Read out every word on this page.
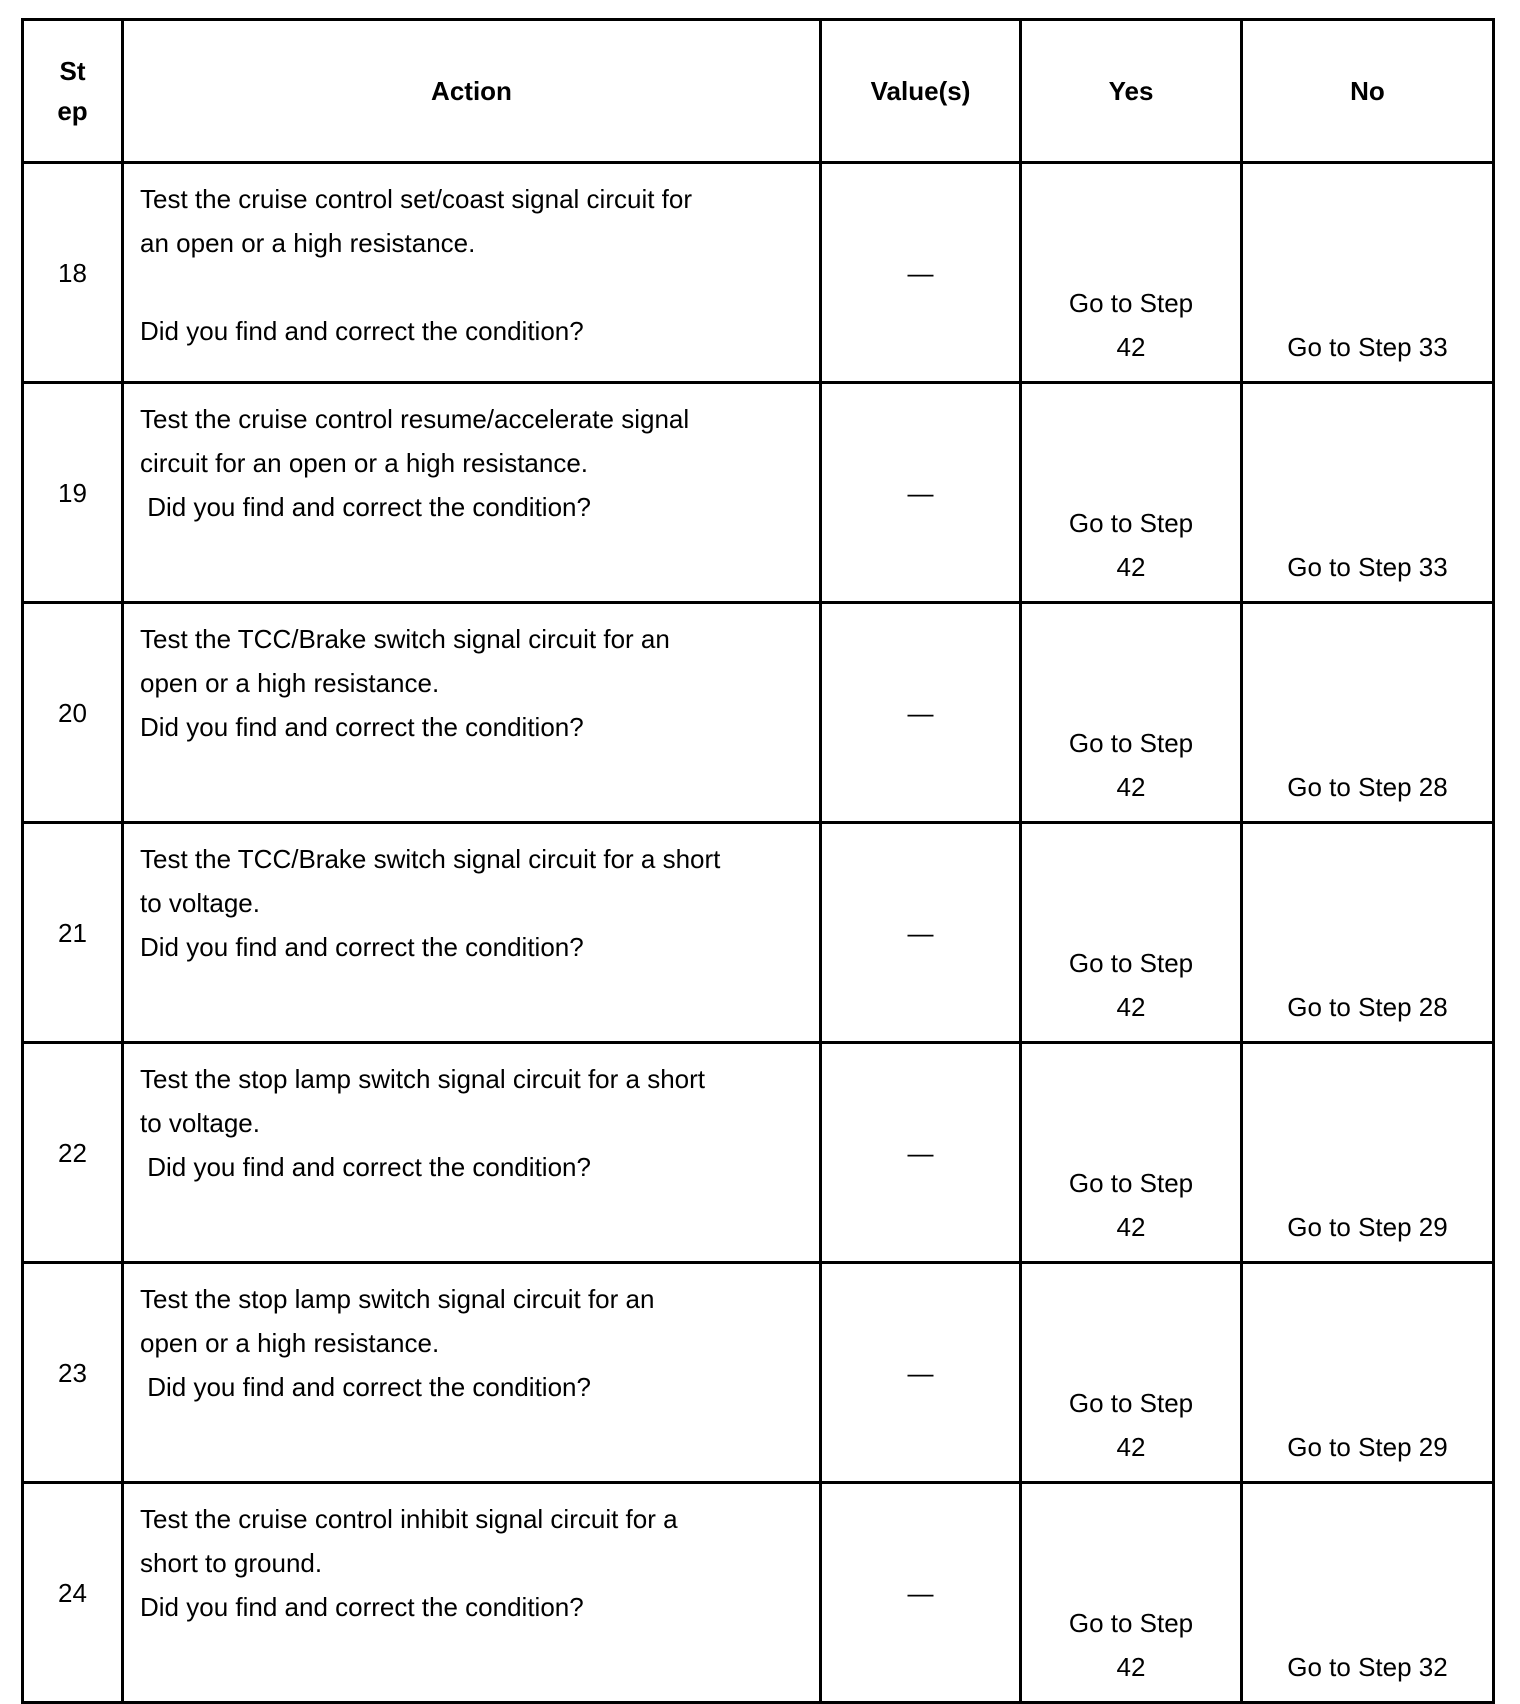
St
ep	Action	Value(s)	Yes	No
18	Test the cruise control set/coast signal circuit for
an open or a high resistance.
Did you find and correct the condition?	—	Go to Step
42	Go to Step 33
19	Test the cruise control resume/accelerate signal
circuit for an open or a high resistance.
Did you find and correct the condition?	—	Go to Step
42	Go to Step 33
20	Test the TCC/Brake switch signal circuit for an
open or a high resistance.
Did you find and correct the condition?	—	Go to Step
42	Go to Step 28
21	Test the TCC/Brake switch signal circuit for a short
to voltage.
Did you find and correct the condition?	—	Go to Step
42	Go to Step 28
22	Test the stop lamp switch signal circuit for a short
to voltage.
Did you find and correct the condition?	—	Go to Step
42	Go to Step 29
23	Test the stop lamp switch signal circuit for an
open or a high resistance.
Did you find and correct the condition?	—	Go to Step
42	Go to Step 29
24	Test the cruise control inhibit signal circuit for a
short to ground.
Did you find and correct the condition?	—	Go to Step
42	Go to Step 32
